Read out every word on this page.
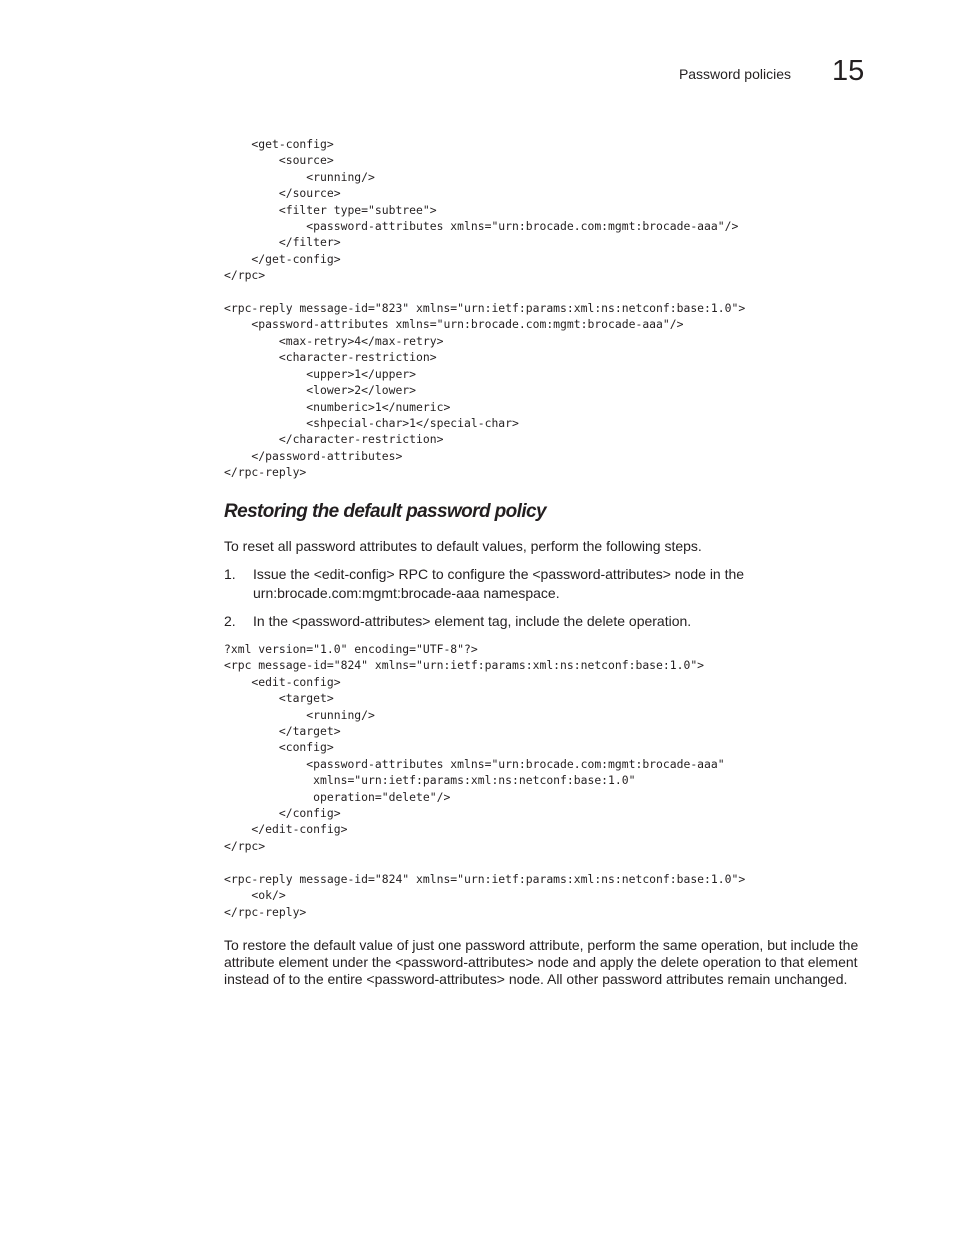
Password policies 15
<get-config>
<source>
<running/>
</source>
<filter type="subtree">
<password-attributes xmlns="urn:brocade.com:mgmt:brocade-aaa"/>
</filter>
</get-config>
</rpc>

<rpc-reply message-id="823" xmlns="urn:ietf:params:xml:ns:netconf:base:1.0">
<password-attributes xmlns="urn:brocade.com:mgmt:brocade-aaa"/>
<max-retry>4</max-retry>
<character-restriction>
<upper>1</upper>
<lower>2</lower>
<numberic>1</numeric>
<shpecial-char>1</special-char>
</character-restriction>
</password-attributes>
</rpc-reply>
Restoring the default password policy

To reset all password attributes to default values, perform the following steps.

1. Issue the <edit-config> RPC to configure the <password-attributes> node in the urn:brocade.com:mgmt:brocade-aaa namespace.
2. In the <password-attributes> element tag, include the delete operation.
?xml version="1.0" encoding="UTF-8"?>
<rpc message-id="824" xmlns="urn:ietf:params:xml:ns:netconf:base:1.0">
<edit-config>
<target>
<running/>
</target>
<config>
<password-attributes xmlns="urn:brocade.com:mgmt:brocade-aaa"
xmlns="urn:ietf:params:xml:ns:netconf:base:1.0"
operation="delete"/>
</config>
</edit-config>
</rpc>

<rpc-reply message-id="824" xmlns="urn:ietf:params:xml:ns:netconf:base:1.0">
<ok/>
</rpc-reply>

To restore the default value of just one password attribute, perform the same operation, but include the attribute element under the <password-attributes> node and apply the delete operation to that element instead of to the entire <password-attributes> node. All other password attributes remain unchanged.
